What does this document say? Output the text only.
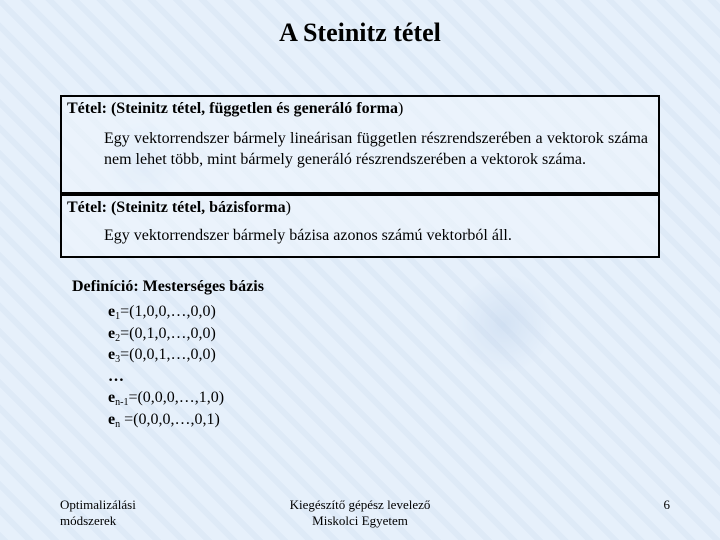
A Steinitz tétel
Tétel: (Steinitz tétel, független és generáló forma)
Egy vektorrendszer bármely lineárisan független részrendszerében a vektorok száma nem lehet több, mint bármely generáló részrendszerében a vektorok száma.
Tétel: (Steinitz tétel, bázisforma)
Egy vektorrendszer bármely bázisa azonos számú vektorból áll.
Definíció: Mesterséges bázis
$e_1=(1,0,0,\dots,0,0)$
$e_2=(0,1,0,\dots,0,0)$
$e_3=(0,0,1,\dots,0,0)$
…
$e_{n-1}=(0,0,0,\dots,1,0)$
$e_n$ =(0,0,0,…,0,1)
Optimalizálási
módszerek
Kiegészítő gépész levelező
Miskolci Egyetem
6
